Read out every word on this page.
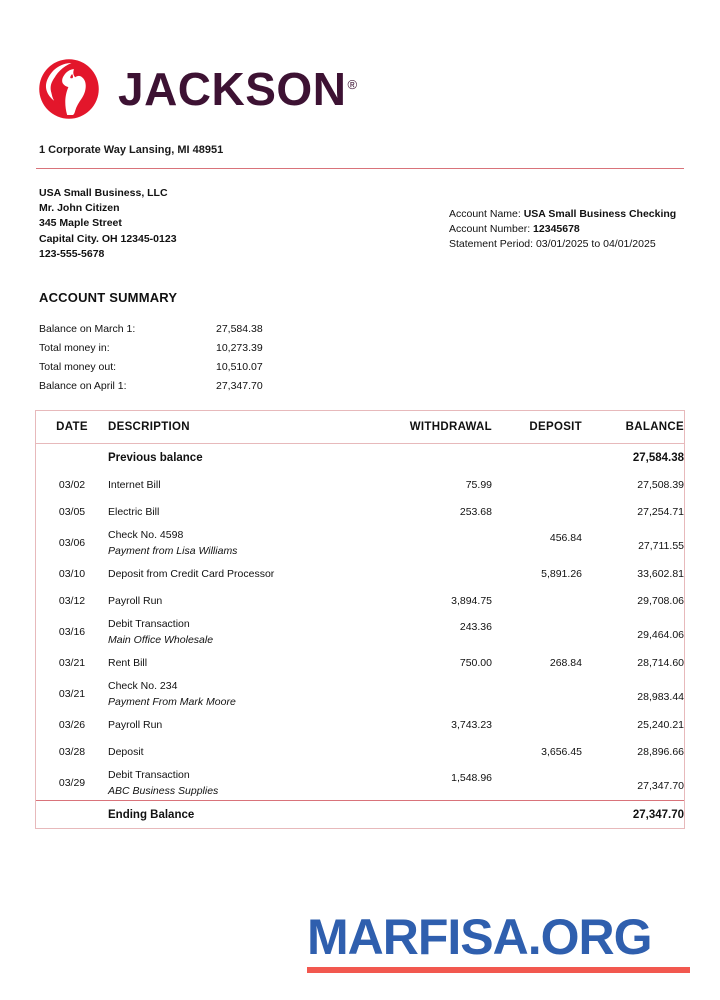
JACKSON®
1 Corporate Way Lansing, MI 48951
USA Small Business, LLC
Mr. John Citizen
345 Maple Street
Capital City. OH 12345-0123
123-555-5678
Account Name: USA Small Business Checking
Account Number: 12345678
Statement Period: 03/01/2025 to 04/01/2025
ACCOUNT SUMMARY
Balance on March 1:	27,584.38
Total money in:	10,273.39
Total money out:	10,510.07
Balance on April 1:	27,347.70
DATE	DESCRIPTION	WITHDRAWAL	DEPOSIT	BALANCE
	Previous balance			27,584.38
03/02	Internet Bill	75.99		27,508.39
03/05	Electric Bill	253.68		27,254.71
03/06	Check No. 4598
Payment from Lisa Williams		456.84	27,711.55
03/10	Deposit from Credit Card Processor		5,891.26	33,602.81
03/12	Payroll Run	3,894.75		29,708.06
03/16	Debit Transaction
Main Office Wholesale	243.36		29,464.06
03/21	Rent Bill	750.00	268.84	28,714.60
03/21	Check No. 234
Payment From Mark Moore			28,983.44
03/26	Payroll Run	3,743.23		25,240.21
03/28	Deposit		3,656.45	28,896.66
03/29	Debit Transaction
ABC Business Supplies	1,548.96		27,347.70
	Ending Balance			27,347.70
MARFISA.ORG
